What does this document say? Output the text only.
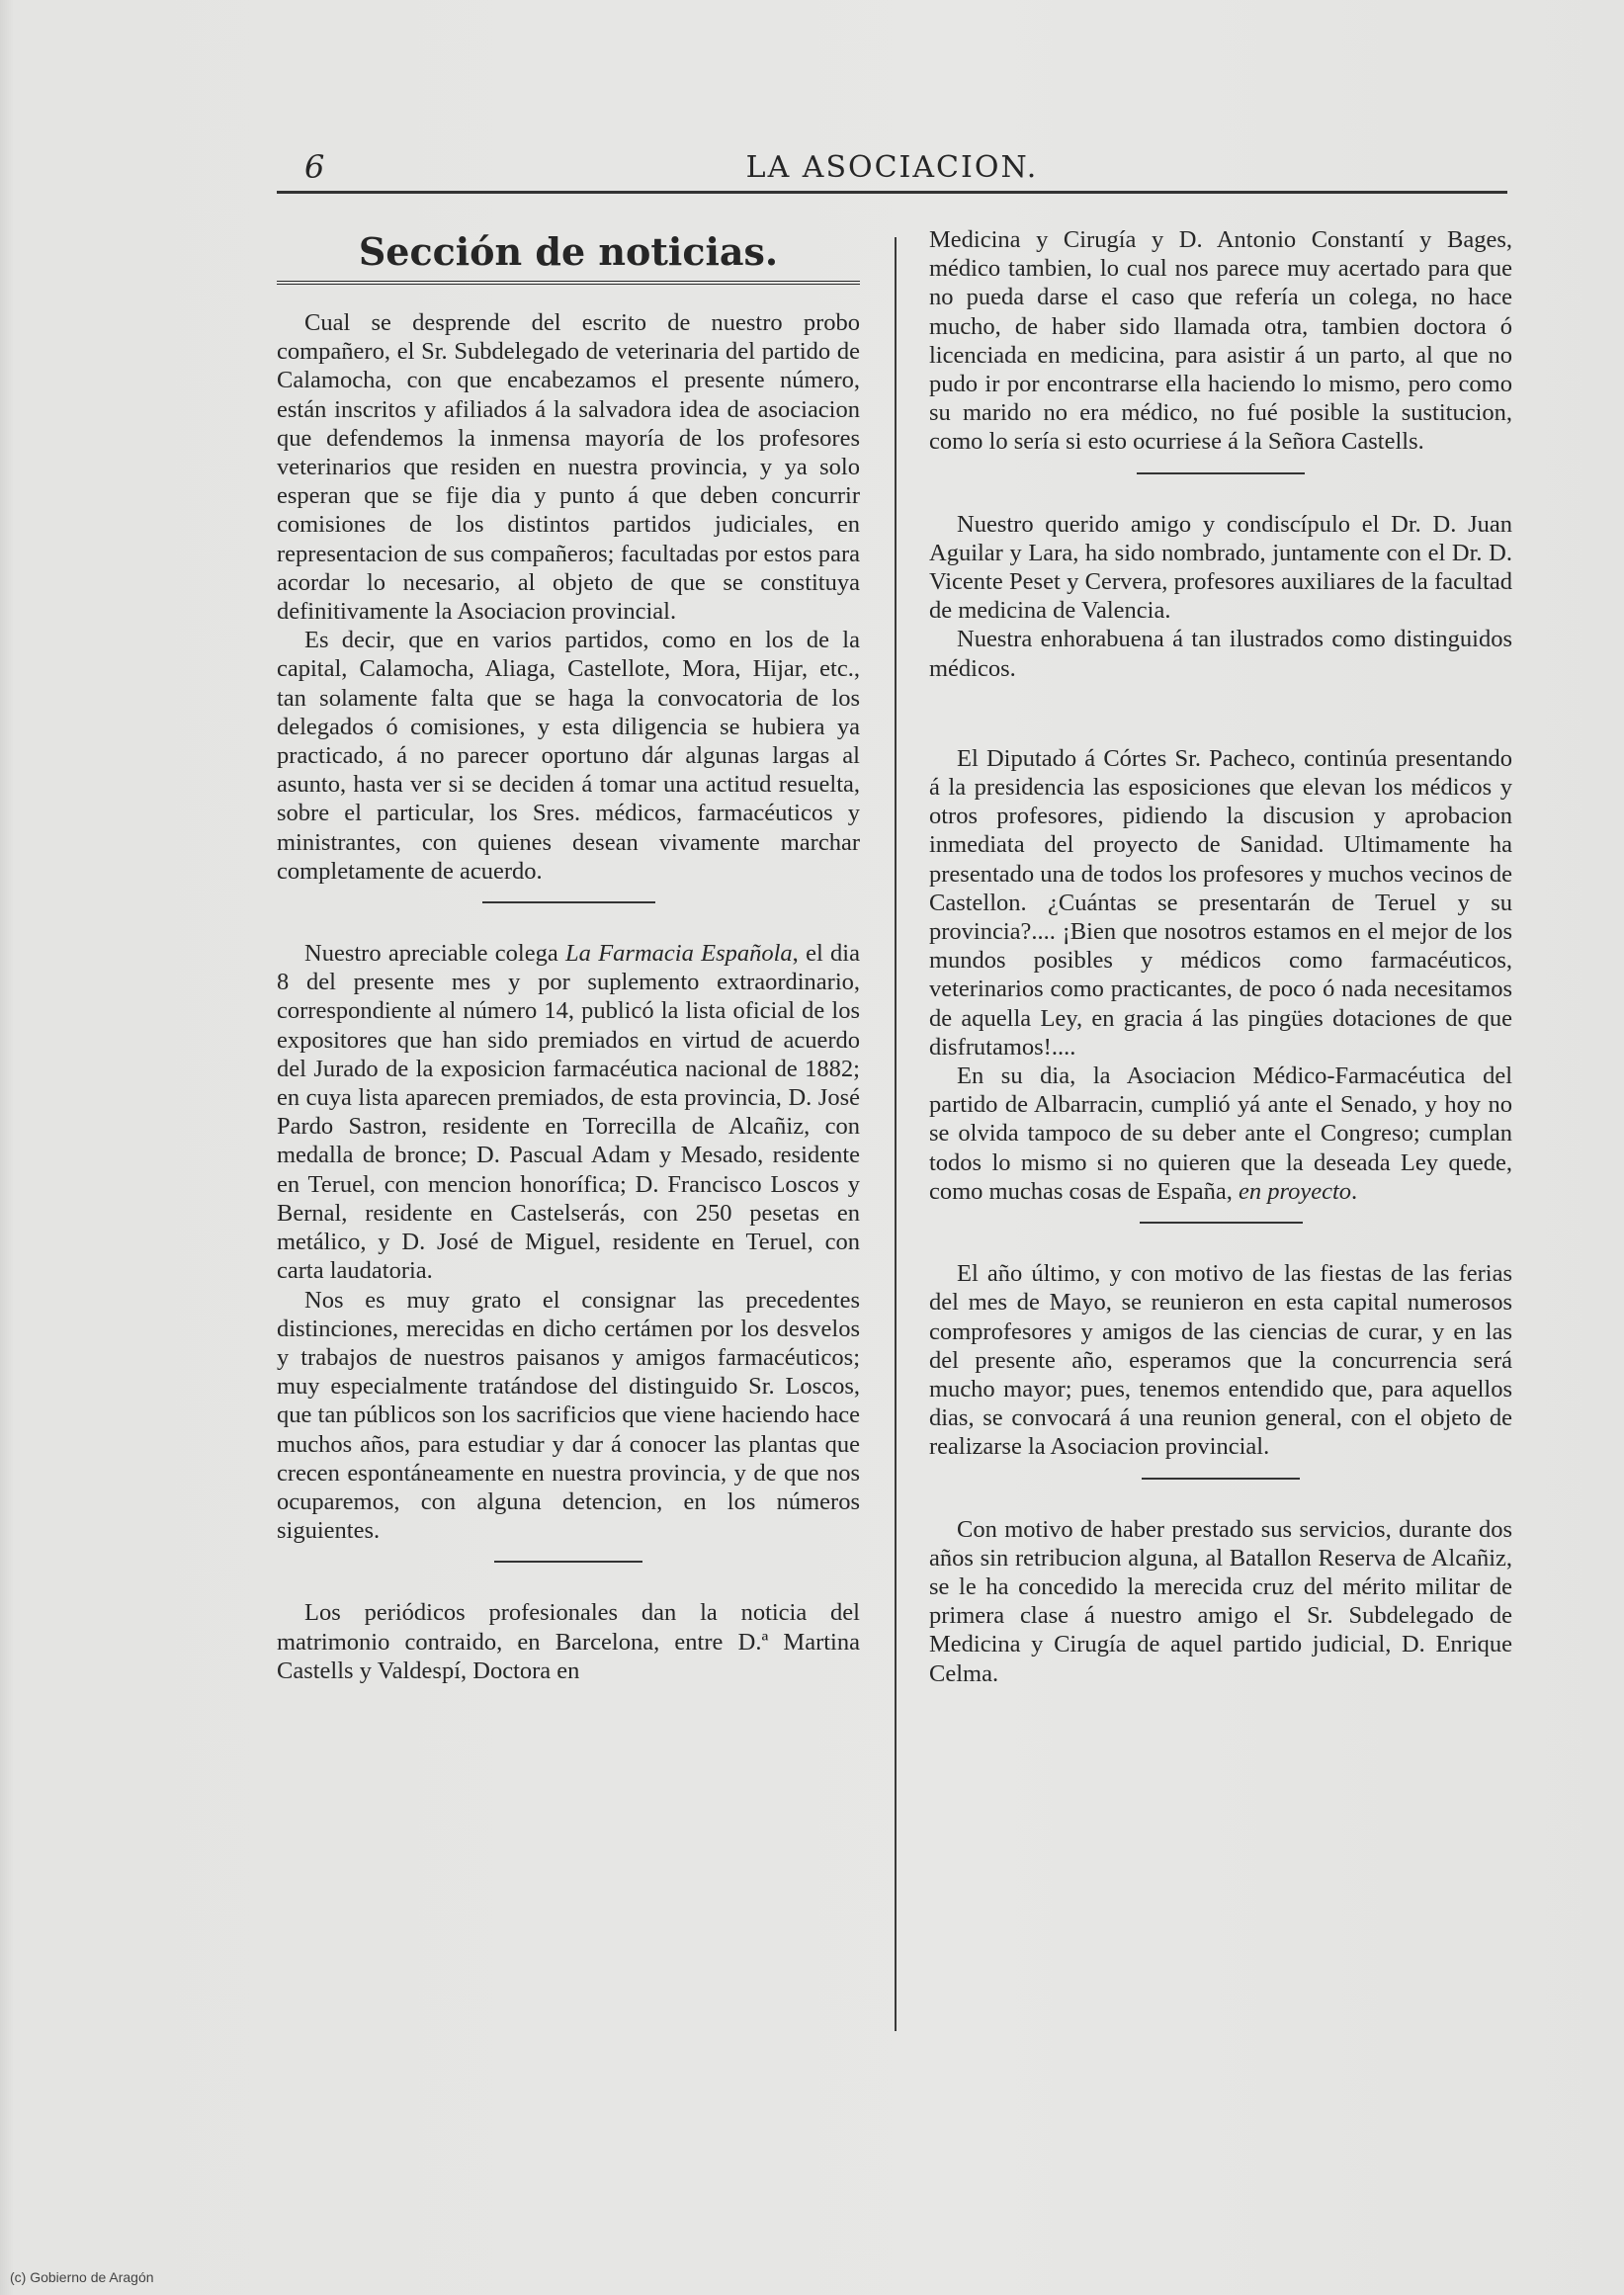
6	LA ASOCIACION.
Sección de noticias.

Cual se desprende del escrito de nuestro probo compañero, el Sr. Subdelegado de veterinaria del partido de Calamocha, con que encabezamos el presente número, están inscritos y afiliados á la salvadora idea de asociacion que defendemos la inmensa mayoría de los profesores veterinarios que residen en nuestra provincia, y ya solo esperan que se fije dia y punto á que deben concurrir comisiones de los distintos partidos judiciales, en representacion de sus compañeros; facultadas por estos para acordar lo necesario, al objeto de que se constituya definitivamente la Asociacion provincial.

Es decir, que en varios partidos, como en los de la capital, Calamocha, Aliaga, Castellote, Mora, Hijar, etc., tan solamente falta que se haga la convocatoria de los delegados ó comisiones, y esta diligencia se hubiera ya practicado, á no parecer oportuno dár algunas largas al asunto, hasta ver si se deciden á tomar una actitud resuelta, sobre el particular, los Sres. médicos, farmacéuticos y ministrantes, con quienes desean vivamente marchar completamente de acuerdo.

Nuestro apreciable colega La Farmacia Española, el dia 8 del presente mes y por suplemento extraordinario, correspondiente al número 14, publicó la lista oficial de los expositores que han sido premiados en virtud de acuerdo del Jurado de la exposicion farmacéutica nacional de 1882; en cuya lista aparecen premiados, de esta provincia, D. José Pardo Sastron, residente en Torrecilla de Alcañiz, con medalla de bronce; D. Pascual Adam y Mesado, residente en Teruel, con mencion honorífica; D. Francisco Loscos y Bernal, residente en Castelserás, con 250 pesetas en metálico, y D. José de Miguel, residente en Teruel, con carta laudatoria.

Nos es muy grato el consignar las precedentes distinciones, merecidas en dicho certámen por los desvelos y trabajos de nuestros paisanos y amigos farmacéuticos; muy especialmente tratándose del distinguido Sr. Loscos, que tan públicos son los sacrificios que viene haciendo hace muchos años, para estudiar y dar á conocer las plantas que crecen espontáneamente en nuestra provincia, y de que nos ocuparemos, con alguna detencion, en los números siguientes.

Los periódicos profesionales dan la noticia del matrimonio contraido, en Barcelona, entre D.ª Martina Castells y Valdespí, Doctora en

Medicina y Cirugía y D. Antonio Constantí y Bages, médico tambien, lo cual nos parece muy acertado para que no pueda darse el caso que refería un colega, no hace mucho, de haber sido llamada otra, tambien doctora ó licenciada en medicina, para asistir á un parto, al que no pudo ir por encontrarse ella haciendo lo mismo, pero como su marido no era médico, no fué posible la sustitucion, como lo sería si esto ocurriese á la Señora Castells.

Nuestro querido amigo y condiscípulo el Dr. D. Juan Aguilar y Lara, ha sido nombrado, juntamente con el Dr. D. Vicente Peset y Cervera, profesores auxiliares de la facultad de medicina de Valencia.

Nuestra enhorabuena á tan ilustrados como distinguidos médicos.

El Diputado á Córtes Sr. Pacheco, continúa presentando á la presidencia las esposiciones que elevan los médicos y otros profesores, pidiendo la discusion y aprobacion inmediata del proyecto de Sanidad. Ultimamente ha presentado una de todos los profesores y muchos vecinos de Castellon. ¿Cuántas se presentarán de Teruel y su provincia?.... ¡Bien que nosotros estamos en el mejor de los mundos posibles y médicos como farmacéuticos, veterinarios como practicantes, de poco ó nada necesitamos de aquella Ley, en gracia á las pingües dotaciones de que disfrutamos!....

En su dia, la Asociacion Médico-Farmacéutica del partido de Albarracin, cumplió yá ante el Senado, y hoy no se olvida tampoco de su deber ante el Congreso; cumplan todos lo mismo si no quieren que la deseada Ley quede, como muchas cosas de España, en proyecto.

El año último, y con motivo de las fiestas de las ferias del mes de Mayo, se reunieron en esta capital numerosos comprofesores y amigos de las ciencias de curar, y en las del presente año, esperamos que la concurrencia será mucho mayor; pues, tenemos entendido que, para aquellos dias, se convocará á una reunion general, con el objeto de realizarse la Asociacion provincial.

Con motivo de haber prestado sus servicios, durante dos años sin retribucion alguna, al Batallon Reserva de Alcañiz, se le ha concedido la merecida cruz del mérito militar de primera clase á nuestro amigo el Sr. Subdelegado de Medicina y Cirugía de aquel partido judicial, D. Enrique Celma.

(c) Gobierno de Aragón
